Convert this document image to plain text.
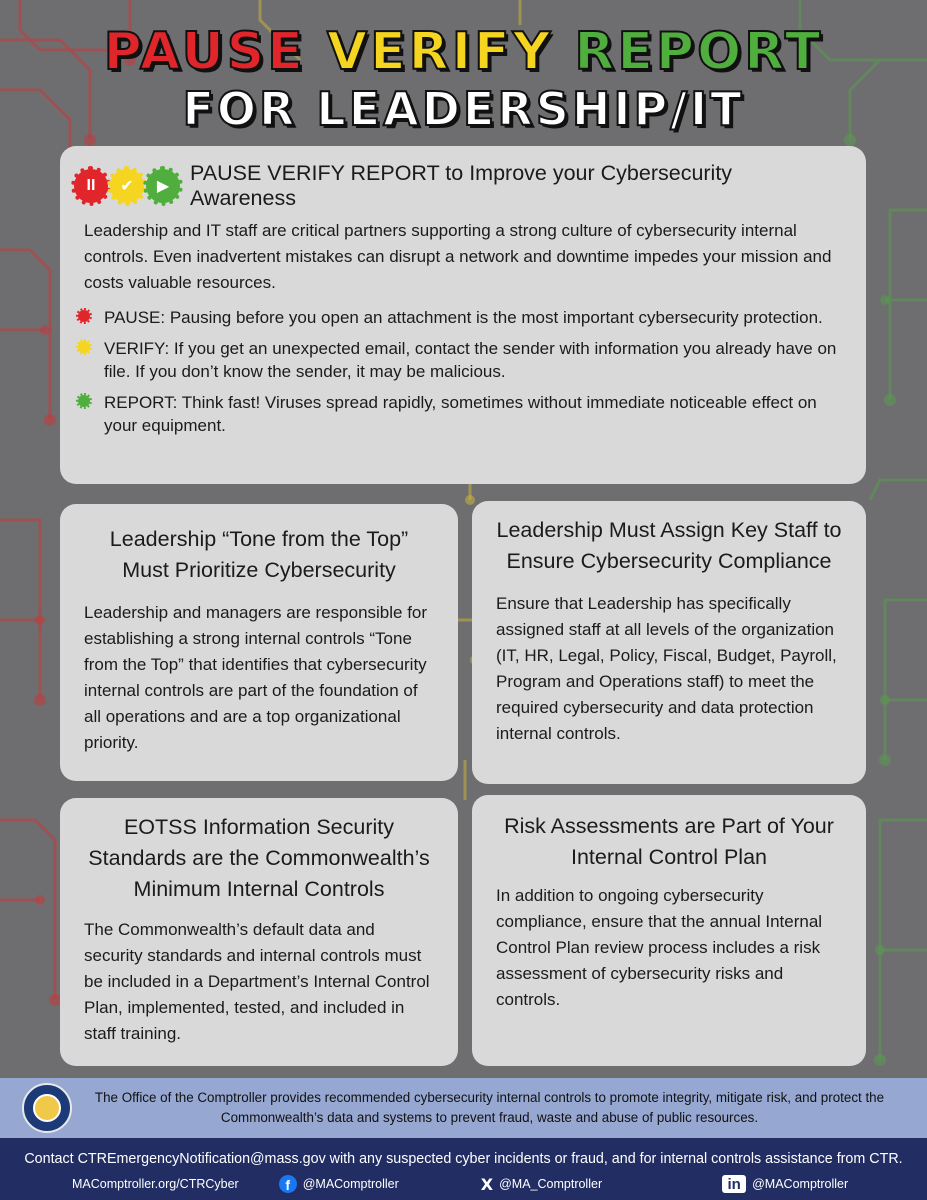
PAUSE VERIFY REPORT
FOR LEADERSHIP/IT
II ✔ ▶
PAUSE VERIFY REPORT to Improve your Cybersecurity Awareness

Leadership and IT staff are critical partners supporting a strong culture of cybersecurity internal controls. Even inadvertent mistakes can disrupt a network and downtime impedes your mission and costs valuable resources.

PAUSE: Pausing before you open an attachment is the most important cybersecurity protection.
VERIFY: If you get an unexpected email, contact the sender with information you already have on file. If you don’t know the sender, it may be malicious.
REPORT: Think fast! Viruses spread rapidly, sometimes without immediate noticeable effect on your equipment.
Leadership “Tone from the Top” Must Prioritize Cybersecurity

Leadership and managers are responsible for establishing a strong internal controls “Tone from the Top” that identifies that cybersecurity internal controls are part of the foundation of all operations and are a top organizational priority.

Leadership Must Assign Key Staff to Ensure Cybersecurity Compliance

Ensure that Leadership has specifically assigned staff at all levels of the organization (IT, HR, Legal, Policy, Fiscal, Budget, Payroll, Program and Operations staff) to meet the required cybersecurity and data protection internal controls.

EOTSS Information Security Standards are the Commonwealth’s Minimum Internal Controls

The Commonwealth’s default data and security standards and internal controls must be included in a Department’s Internal Control Plan, implemented, tested, and included in staff training.

Risk Assessments are Part of Your Internal Control Plan

In addition to ongoing cybersecurity compliance, ensure that the annual Internal Control Plan review process includes a risk assessment of cybersecurity risks and controls.

The Office of the Comptroller provides recommended cybersecurity internal controls to promote integrity, mitigate risk, and protect the Commonwealth’s data and systems to prevent fraud, waste and abuse of public resources.
Contact CTREmergencyNotification@mass.gov with any suspected cyber incidents or fraud, and for internal controls assistance from CTR.
MAComptroller.org/CTRCyber	f	@MAComptroller	X @MA_Comptroller	in @MAComptroller
